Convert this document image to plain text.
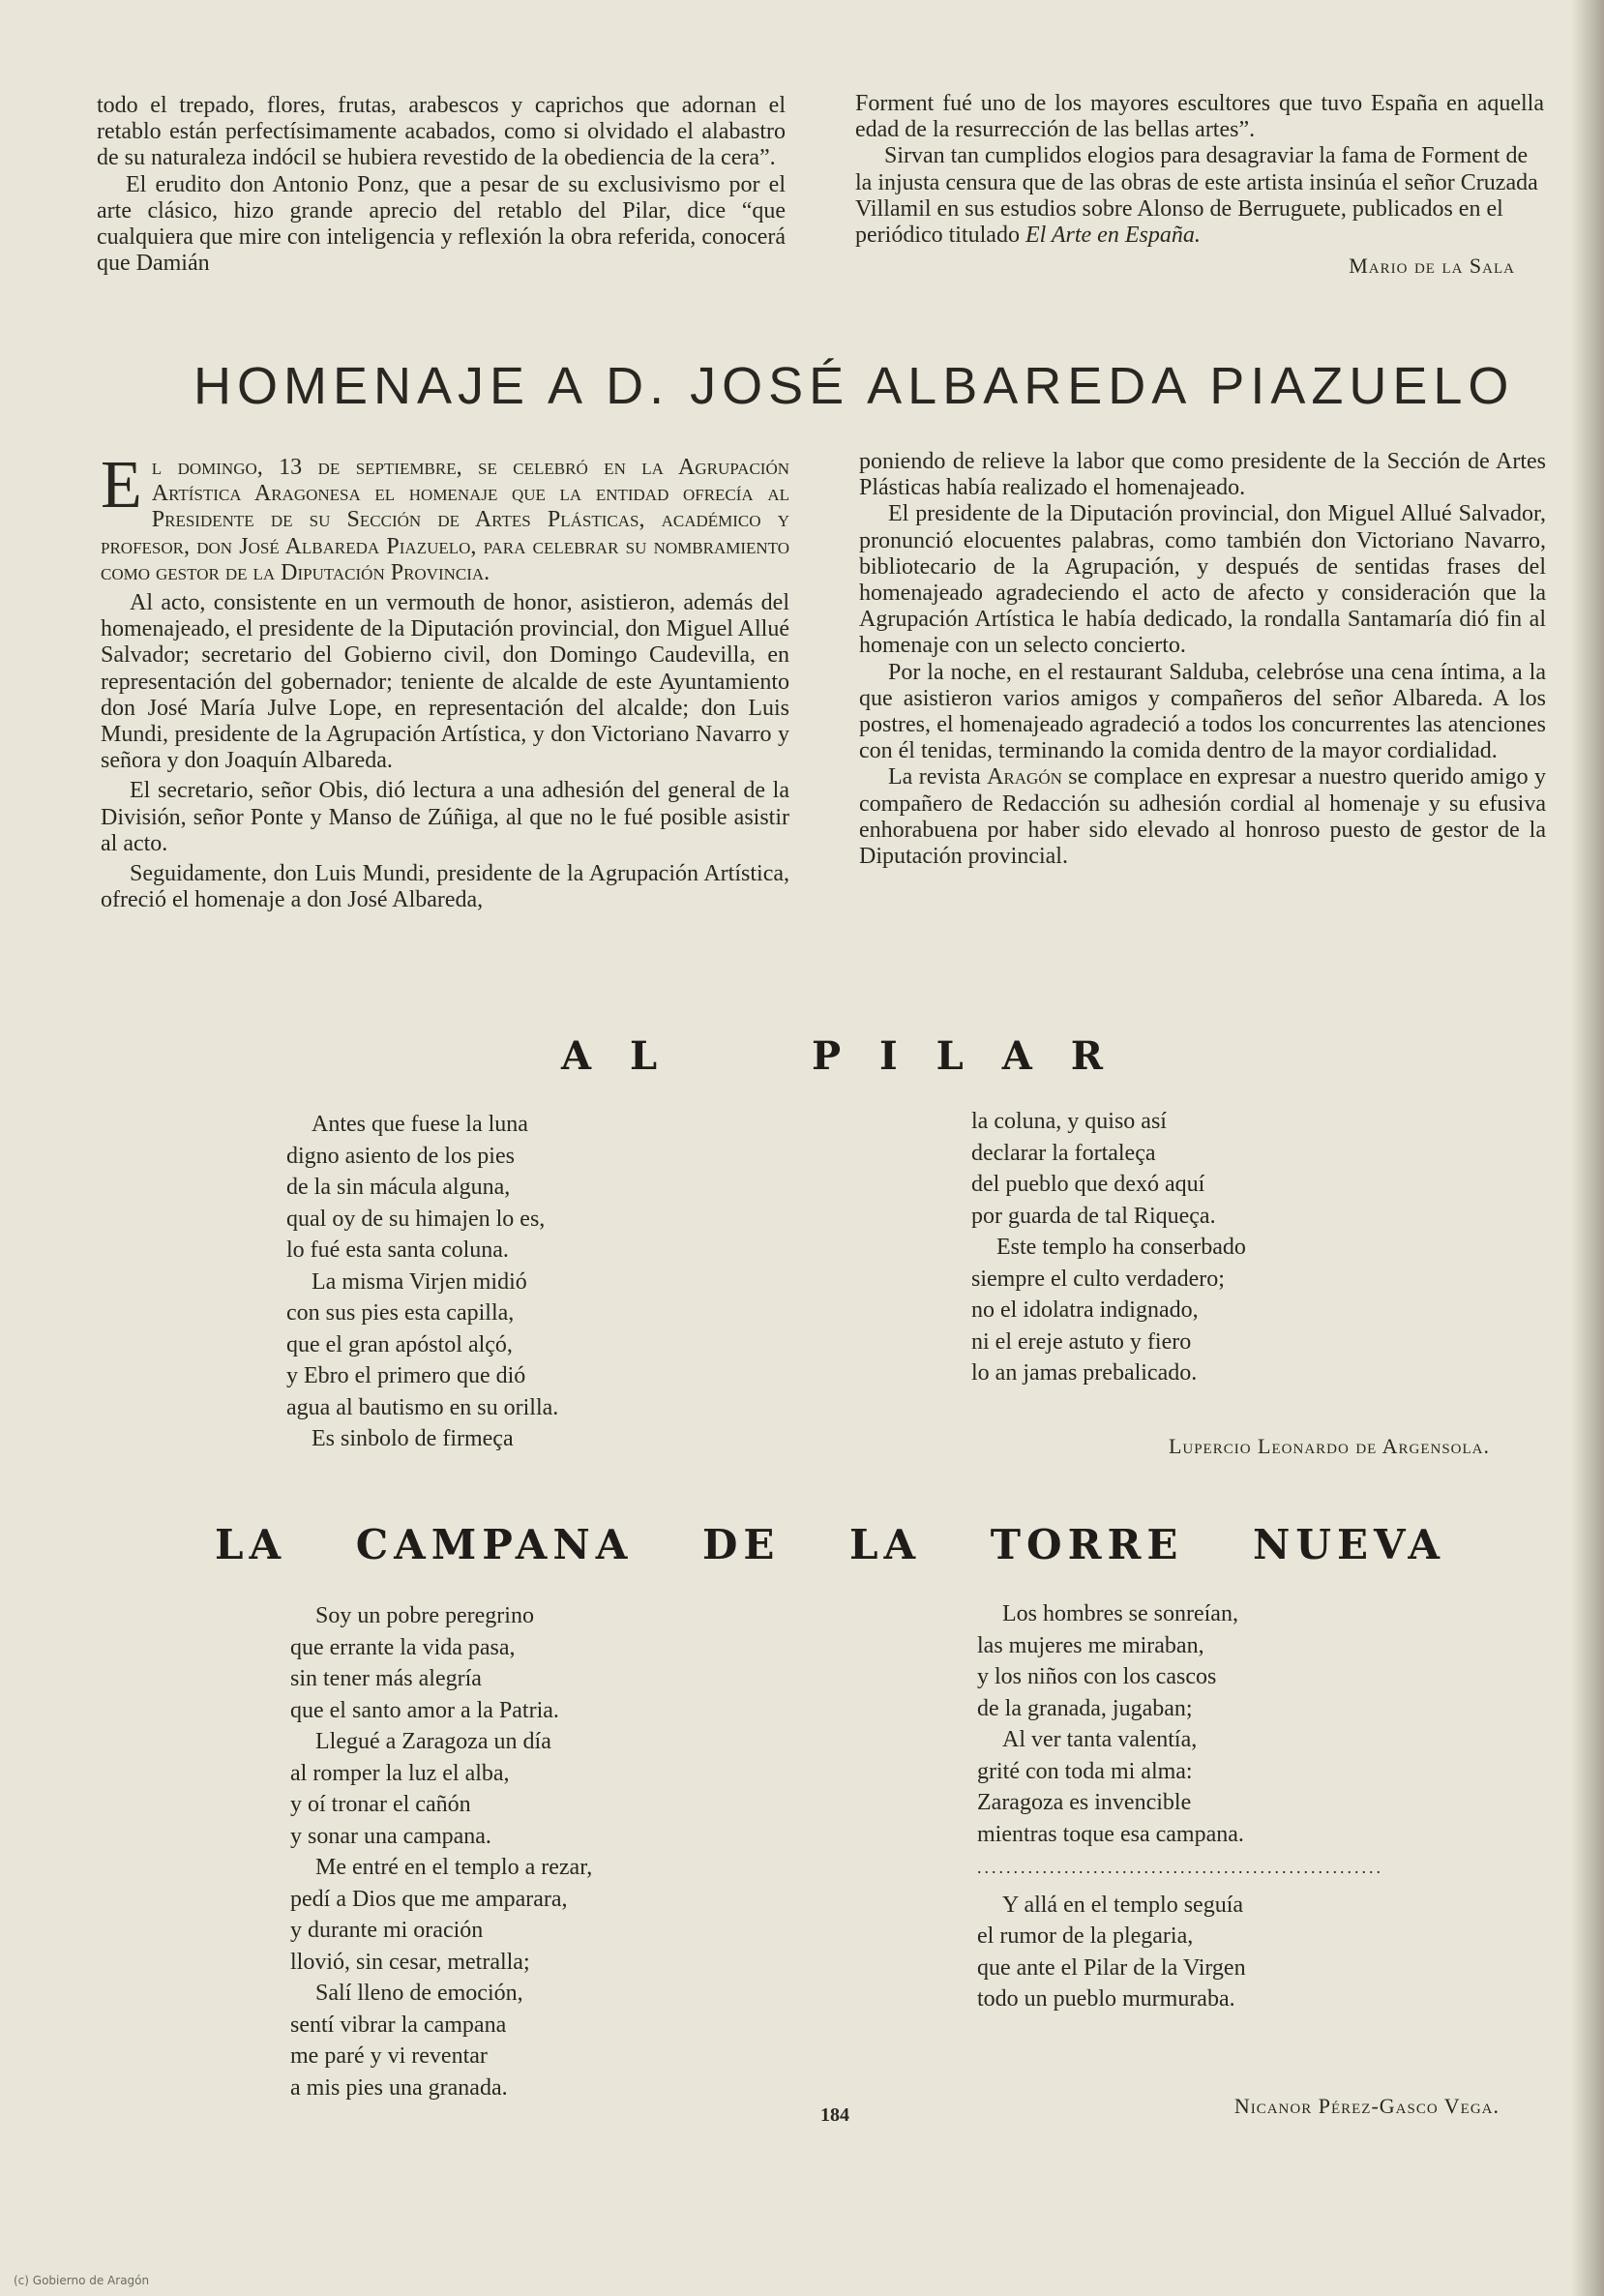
todo el trepado, flores, frutas, arabescos y caprichos que adornan el retablo están perfectísimamente acabados, como si olvidado el alabastro de su naturaleza indócil se hubiera revestido de la obediencia de la cera”.

El erudito don Antonio Ponz, que a pesar de su exclusivismo por el arte clásico, hizo grande aprecio del retablo del Pilar, dice “que cualquiera que mire con inteligencia y reflexión la obra referida, conocerá que Damián

Forment fué uno de los mayores escultores que tuvo España en aquella edad de la resurrección de las bellas artes”.

Sirvan tan cumplidos elogios para desagraviar la fama de Forment de la injusta censura que de las obras de este artista insinúa el señor Cruzada Villamil en sus estudios sobre Alonso de Berruguete, publicados en el periódico titulado El Arte en España.

Mario de la Sala
HOMENAJE A D. JOSÉ ALBAREDA PIAZUELO

El domingo, 13 de septiembre, se celebró en la Agrupación Artística Aragonesa el homenaje que la entidad ofrecía al Presidente de su Sección de Artes Plásticas, académico y profesor, don José Albareda Piazuelo, para celebrar su nombramiento como gestor de la Diputación Provincia.

Al acto, consistente en un vermouth de honor, asistieron, además del homenajeado, el presidente de la Diputación provincial, don Miguel Allué Salvador; secretario del Gobierno civil, don Domingo Caudevilla, en representación del gobernador; teniente de alcalde de este Ayuntamiento don José María Julve Lope, en representación del alcalde; don Luis Mundi, presidente de la Agrupación Artística, y don Victoriano Navarro y señora y don Joaquín Albareda.

El secretario, señor Obis, dió lectura a una adhesión del general de la División, señor Ponte y Manso de Zúñiga, al que no le fué posible asistir al acto.

Seguidamente, don Luis Mundi, presidente de la Agrupación Artística, ofreció el homenaje a don José Albareda,

poniendo de relieve la labor que como presidente de la Sección de Artes Plásticas había realizado el homenajeado.

El presidente de la Diputación provincial, don Miguel Allué Salvador, pronunció elocuentes palabras, como también don Victoriano Navarro, bibliotecario de la Agrupación, y después de sentidas frases del homenajeado agradeciendo el acto de afecto y consideración que la Agrupación Artística le había dedicado, la rondalla Santamaría dió fin al homenaje con un selecto concierto.

Por la noche, en el restaurant Salduba, celebróse una cena íntima, a la que asistieron varios amigos y compañeros del señor Albareda. A los postres, el homenajeado agradeció a todos los concurrentes las atenciones con él tenidas, terminando la comida dentro de la mayor cordialidad.

La revista Aragón se complace en expresar a nuestro querido amigo y compañero de Redacción su adhesión cordial al homenaje y su efusiva enhorabuena por haber sido elevado al honroso puesto de gestor de la Diputación provincial.

A L	P I L A R
Antes que fuese la luna
digno asiento de los pies
de la sin mácula alguna,
qual oy de su himajen lo es,
lo fué esta santa coluna.
La misma Virjen midió
con sus pies esta capilla,
que el gran apóstol alçó,
y Ebro el primero que dió
agua al bautismo en su orilla.
Es sinbolo de firmeça
la coluna, y quiso así
declarar la fortaleça
del pueblo que dexó aquí
por guarda de tal Riqueça.
Este templo ha conserbado
siempre el culto verdadero;
no el idolatra indignado,
ni el ereje astuto y fiero
lo an jamas prebalicado.
Lupercio Leonardo de Argensola.
LA CAMPANA DE LA TORRE NUEVA
Soy un pobre peregrino
que errante la vida pasa,
sin tener más alegría
que el santo amor a la Patria.
Llegué a Zaragoza un día
al romper la luz el alba,
y oí tronar el cañón
y sonar una campana.
Me entré en el templo a rezar,
pedí a Dios que me amparara,
y durante mi oración
llovió, sin cesar, metralla;
Salí lleno de emoción,
sentí vibrar la campana
me paré y vi reventar
a mis pies una granada.
Los hombres se sonreían,
las mujeres me miraban,
y los niños con los cascos
de la granada, jugaban;
Al ver tanta valentía,
grité con toda mi alma:
Zaragoza es invencible
mientras toque esa campana.
........................................................
Y allá en el templo seguía
el rumor de la plegaria,
que ante el Pilar de la Virgen
todo un pueblo murmuraba.
Nicanor Pérez-Gasco Vega.
184
(c) Gobierno de Aragón
